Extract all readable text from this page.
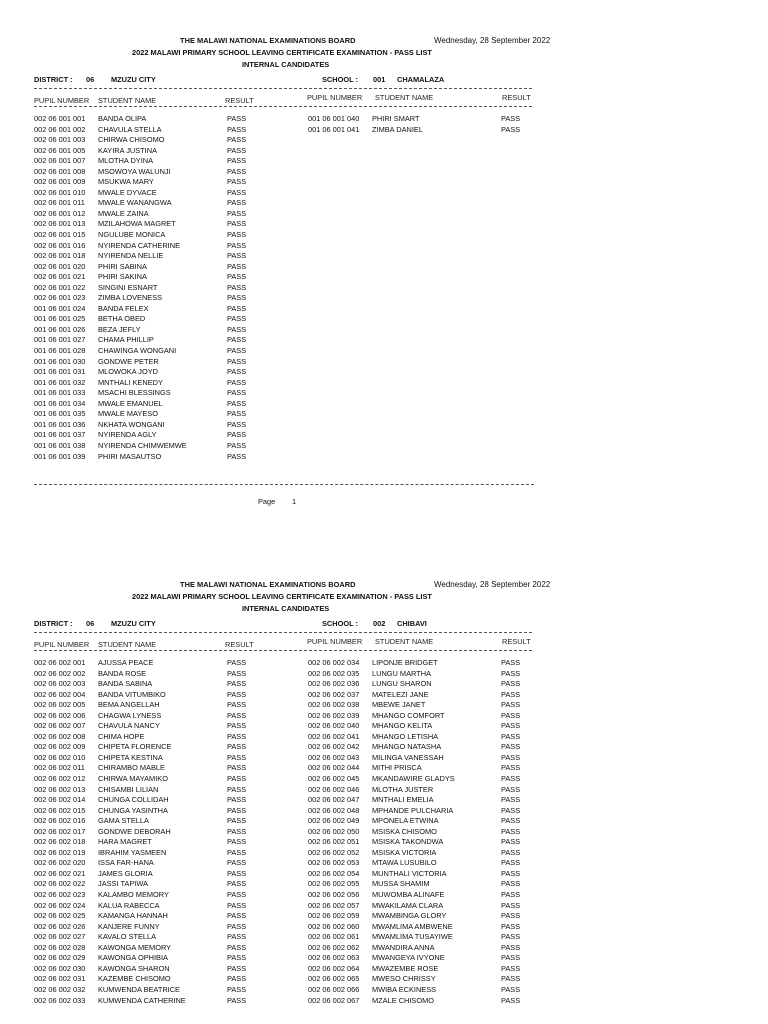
THE MALAWI NATIONAL EXAMINATIONS BOARD	Wednesday, 28 September 2022
2022 MALAWI PRIMARY SCHOOL LEAVING CERTIFICATE EXAMINATION - PASS LIST
INTERNAL CANDIDATES
DISTRICT : 06 MZUZU CITY	SCHOOL : 001 CHAMALAZA
PUPIL NUMBER STUDENT NAME	RESULT	PUPIL NUMBER STUDENT NAME	RESULT
002 06 001 001 BANDA OLIPA	PASS
002 06 001 002 CHAVULA STELLA	PASS
002 06 001 003 CHIRWA CHISOMO	PASS
002 06 001 005 KAYIRA JUSTINA	PASS
002 06 001 007 MLOTHA DYINA	PASS
002 06 001 008 MSOWOYA WALUNJI	PASS
002 06 001 009 MSUKWA MARY	PASS
002 06 001 010 MWALE DYVACE	PASS
002 06 001 011 MWALE WANANGWA	PASS
002 06 001 012 MWALE ZAINA	PASS
002 06 001 013 MZILAHOWA MAGRET	PASS
002 06 001 015 NGULUBE MONICA	PASS
002 06 001 016 NYIRENDA CATHERINE	PASS
002 06 001 018 NYIRENDA NELLIE	PASS
002 06 001 020 PHIRI SABINA	PASS
002 06 001 021 PHIRI SAKINA	PASS
002 06 001 022 SINGINI ESNART	PASS
002 06 001 023 ZIMBA LOVENESS	PASS
001 06 001 024 BANDA FELEX	PASS
001 06 001 025 BETHA OBED	PASS
001 06 001 026 BEZA JEFLY	PASS
001 06 001 027 CHAMA PHILLIP	PASS
001 06 001 028 CHAWINGA WONGANI	PASS
001 06 001 030 GONDWE PETER	PASS
001 06 001 031 MLOWOKA JOYD	PASS
001 06 001 032 MNTHALI KENEDY	PASS
001 06 001 033 MSACHI BLESSINGS	PASS
001 06 001 034 MWALE EMANUEL	PASS
001 06 001 035 MWALE MAYESO	PASS
001 06 001 036 NKHATA WONGANI	PASS
001 06 001 037 NYIRENDA AGLY	PASS
001 06 001 038 NYIRENDA CHIMWEMWE	PASS
001 06 001 039 PHIRI MASAUTSO	PASS
001 06 001 040 PHIRI SMART	PASS
001 06 001 041 ZIMBA DANIEL	PASS
Page 1
THE MALAWI NATIONAL EXAMINATIONS BOARD	Wednesday, 28 September 2022
2022 MALAWI PRIMARY SCHOOL LEAVING CERTIFICATE EXAMINATION - PASS LIST
INTERNAL CANDIDATES
DISTRICT : 06 MZUZU CITY	SCHOOL : 002 CHIBAVI
PUPIL NUMBER STUDENT NAME	RESULT	PUPIL NUMBER STUDENT NAME	RESULT
002 06 002 001 AJUSSA PEACE	PASS
002 06 002 002 BANDA ROSE	PASS
002 06 002 003 BANDA SABINA	PASS
002 06 002 004 BANDA VITUMBIKO	PASS
002 06 002 005 BEMA ANGELLAH	PASS
002 06 002 006 CHAGWA LYNESS	PASS
002 06 002 007 CHAVULA NANCY	PASS
002 06 002 008 CHIMA HOPE	PASS
002 06 002 009 CHIPETA FLORENCE	PASS
002 06 002 010 CHIPETA KESTINA	PASS
002 06 002 011 CHIRAMBO MABLE	PASS
002 06 002 012 CHIRWA MAYAMIKO	PASS
002 06 002 013 CHISAMBI LILIAN	PASS
002 06 002 014 CHUNGA COLLIDAH	PASS
002 06 002 015 CHUNGA YASINTHA	PASS
002 06 002 016 GAMA STELLA	PASS
002 06 002 017 GONDWE DEBORAH	PASS
002 06 002 018 HARA MAGRET	PASS
002 06 002 019 IBRAHIM YASMEEN	PASS
002 06 002 020 ISSA FAR-HANA	PASS
002 06 002 021 JAMES GLORIA	PASS
002 06 002 022 JASSI TAPIWA	PASS
002 06 002 023 KALAMBO MEMORY	PASS
002 06 002 024 KALUA RABECCA	PASS
002 06 002 025 KAMANGA HANNAH	PASS
002 06 002 026 KANJERE FUNNY	PASS
002 06 002 027 KAVALO STELLA	PASS
002 06 002 028 KAWONGA MEMORY	PASS
002 06 002 029 KAWONGA OPHIBIA	PASS
002 06 002 030 KAWONGA SHARON	PASS
002 06 002 031 KAZEMBE CHISOMO	PASS
002 06 002 032 KUMWENDA BEATRICE	PASS
002 06 002 033 KUMWENDA CATHERINE	PASS
002 06 002 034 LIPONJE BRIDGET	PASS
002 06 002 035 LUNGU MARTHA	PASS
002 06 002 036 LUNGU SHARON	PASS
002 06 002 037 MATELEZI JANE	PASS
002 06 002 038 MBEWE JANET	PASS
002 06 002 039 MHANGO COMFORT	PASS
002 06 002 040 MHANGO KELITA	PASS
002 06 002 041 MHANGO LETISHA	PASS
002 06 002 042 MHANGO NATASHA	PASS
002 06 002 043 MILINGA VANESSAH	PASS
002 06 002 044 MITHI PRISCA	PASS
002 06 002 045 MKANDAWIRE GLADYS	PASS
002 06 002 046 MLOTHA JUSTER	PASS
002 06 002 047 MNTHALI EMELIA	PASS
002 06 002 048 MPHANDE PULCHARIA	PASS
002 06 002 049 MPONELA ETWINA	PASS
002 06 002 050 MSISKA CHISOMO	PASS
002 06 002 051 MSISKA TAKONDWA	PASS
002 06 002 052 MSISKA VICTORIA	PASS
002 06 002 053 MTAWA LUSUBILO	PASS
002 06 002 054 MUNTHALI VICTORIA	PASS
002 06 002 055 MUSSA SHAMIM	PASS
002 06 002 056 MUWOMBA ALINAFE	PASS
002 06 002 057 MWAKILAMA CLARA	PASS
002 06 002 059 MWAMBINGA GLORY	PASS
002 06 002 060 MWAMLIMA AMBWENE	PASS
002 06 002 061 MWAMLIMA TUSAYIWE	PASS
002 06 002 062 MWANDIRA ANNA	PASS
002 06 002 063 MWANGEYA IVYONE	PASS
002 06 002 064 MWAZEMBE ROSE	PASS
002 06 002 065 MWESO CHRISSY	PASS
002 06 002 066 MWIBA ECKINESS	PASS
002 06 002 067 MZALE CHISOMO	PASS
